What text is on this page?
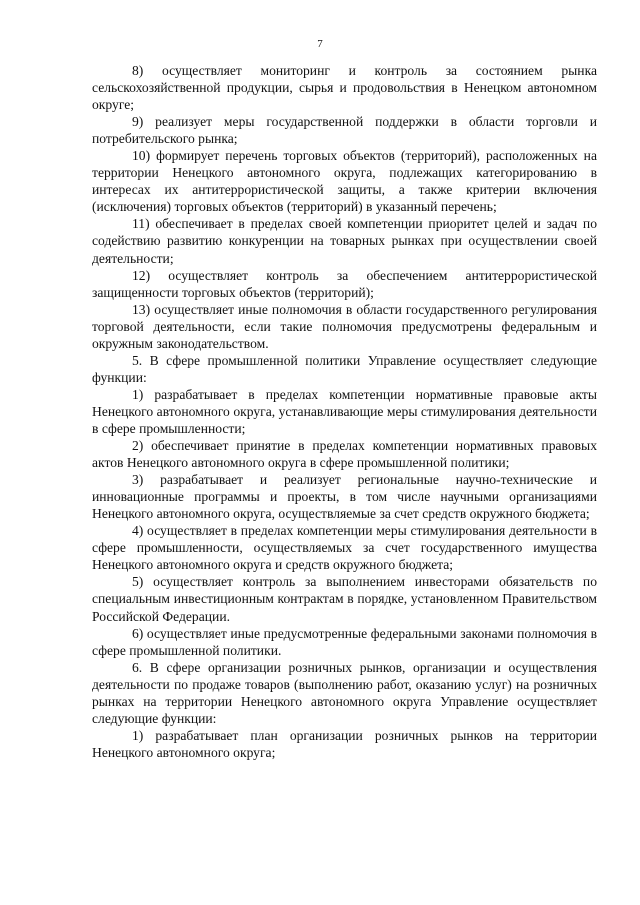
7

8) осуществляет мониторинг и контроль за состоянием рынка сельскохозяйственной продукции, сырья и продовольствия в Ненецком автономном округе;

9) реализует меры государственной поддержки в области торговли и потребительского рынка;

10) формирует перечень торговых объектов (территорий), расположенных на территории Ненецкого автономного округа, подлежащих категорированию в интересах их антитеррористической защиты, а также критерии включения (исключения) торговых объектов (территорий) в указанный перечень;

11) обеспечивает в пределах своей компетенции приоритет целей и задач по содействию развитию конкуренции на товарных рынках при осуществлении своей деятельности;

12) осуществляет контроль за обеспечением антитеррористической защищенности торговых объектов (территорий);

13) осуществляет иные полномочия в области государственного регулирования торговой деятельности, если такие полномочия предусмотрены федеральным и окружным законодательством.

5. В сфере промышленной политики Управление осуществляет следующие функции:

1) разрабатывает в пределах компетенции нормативные правовые акты Ненецкого автономного округа, устанавливающие меры стимулирования деятельности в сфере промышленности;

2) обеспечивает принятие в пределах компетенции нормативных правовых актов Ненецкого автономного округа в сфере промышленной политики;

3) разрабатывает и реализует региональные научно-технические и инновационные программы и проекты, в том числе научными организациями Ненецкого автономного округа, осуществляемые за счет средств окружного бюджета;

4) осуществляет в пределах компетенции меры стимулирования деятельности в сфере промышленности, осуществляемых за счет государственного имущества Ненецкого автономного округа и средств окружного бюджета;

5) осуществляет контроль за выполнением инвесторами обязательств по специальным инвестиционным контрактам в порядке, установленном Правительством Российской Федерации.

6) осуществляет иные предусмотренные федеральными законами полномочия в сфере промышленной политики.

6. В сфере организации розничных рынков, организации и осуществления деятельности по продаже товаров (выполнению работ, оказанию услуг) на розничных рынках на территории Ненецкого автономного округа Управление осуществляет следующие функции:

1) разрабатывает план организации розничных рынков на территории Ненецкого автономного округа;
